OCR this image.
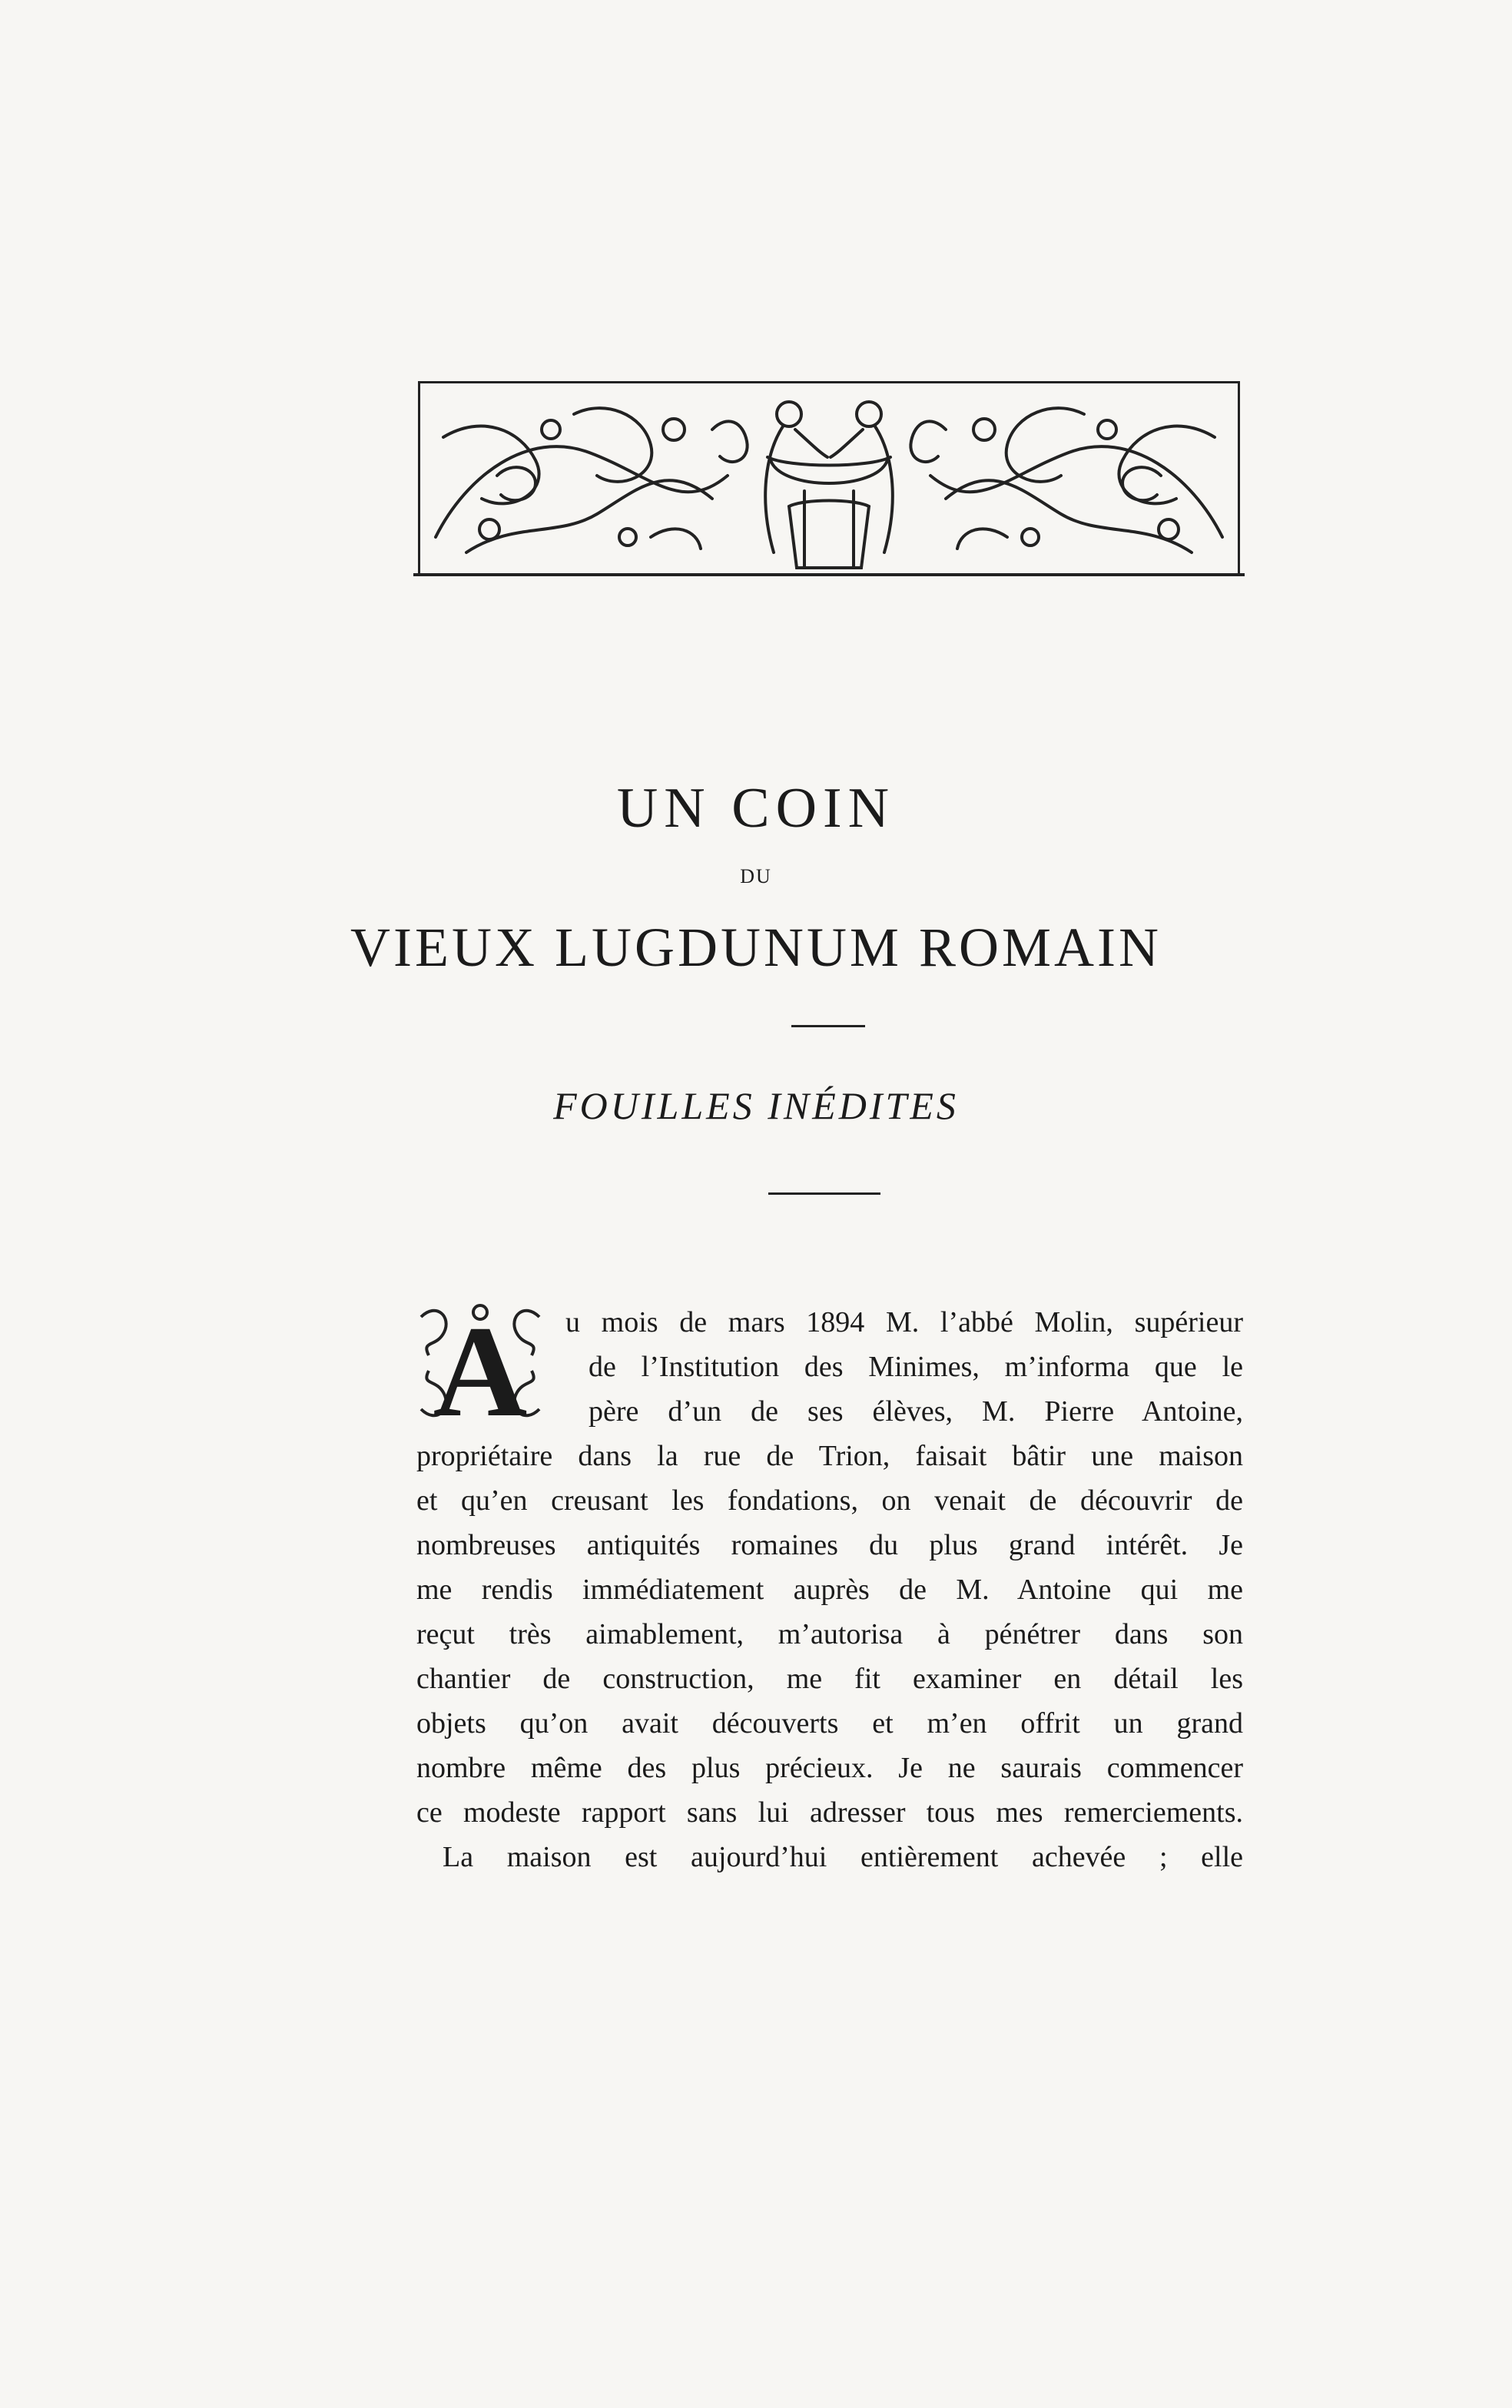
UN COIN
DU
VIEUX LUGDUNUM ROMAIN
FOUILLES INÉDITES
A u mois de mars 1894 M. l’abbé Molin, supérieur
de l’Institution des Minimes, m’informa que le
père d’un de ses élèves, M. Pierre Antoine,
propriétaire dans la rue de Trion, faisait bâtir une maison
et qu’en creusant les fondations, on venait de découvrir de
nombreuses antiquités romaines du plus grand intérêt. Je
me rendis immédiatement auprès de M. Antoine qui me
reçut très aimablement, m’autorisa à pénétrer dans son
chantier de construction, me fit examiner en détail les
objets qu’on avait découverts et m’en offrit un grand
nombre même des plus précieux. Je ne saurais commencer
ce modeste rapport sans lui adresser tous mes remerciements.
La maison est aujourd’hui entièrement achevée ; elle
